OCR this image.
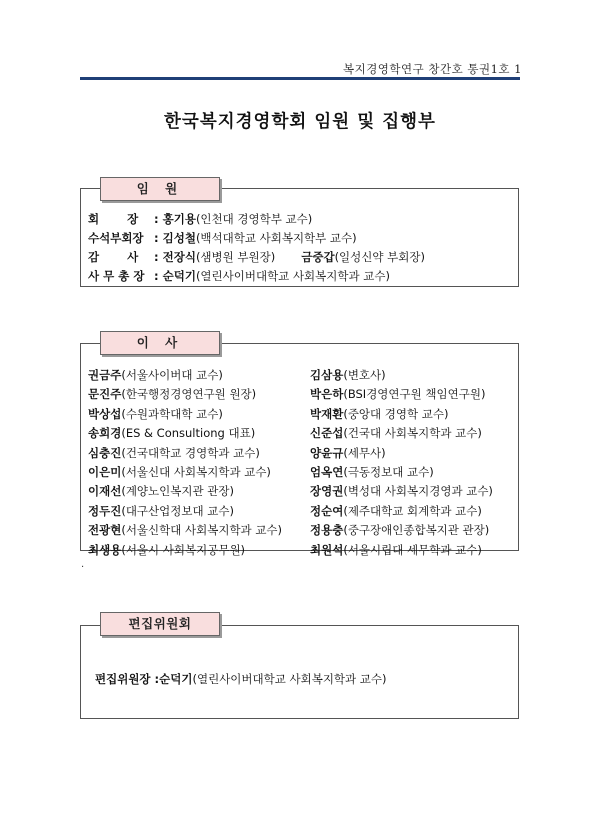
복지경영학연구 창간호 통권1호 1
한국복지경영학회 임원 및 집행부
임 원
회       장 : 홍기용(인천대 경영학부 교수)
수석부회장 : 김성철(백석대학교 사회복지학부 교수)
감       사 : 전장식(샘병원 부원장) 금중갑(일성신약 부회장)
사 무 총 장 : 순덕기(열린사이버대학교 사회복지학과 교수)
이 사
권금주(서울사이버대 교수)
문진주(한국행정경영연구원 원장)
박상섭(수원과학대학 교수)
송희경(ES & Consultiong 대표)
심충진(건국대학교 경영학과 교수)
이은미(서울신대 사회복지학과 교수)
이재선(계양노인복지관 관장)
정두진(대구산업정보대 교수)
전광현(서울신학대 사회복지학과 교수)
최생용(서울시 사회복지공무원)
김삼용(변호사)
박은하(BSI경영연구원 책임연구원)
박재환(중앙대 경영학 교수)
신준섭(건국대 사회복지학과 교수)
양윤규(세무사)
엄옥연(극동정보대 교수)
장영권(벽성대 사회복지경영과 교수)
정순여(제주대학교 회계학과 교수)
정용충(중구장애인종합복지관 관장)
최원석(서울시립대 세무학과 교수)
.
편집위원회
편집위원장 :순덕기(열린사이버대학교 사회복지학과 교수)
